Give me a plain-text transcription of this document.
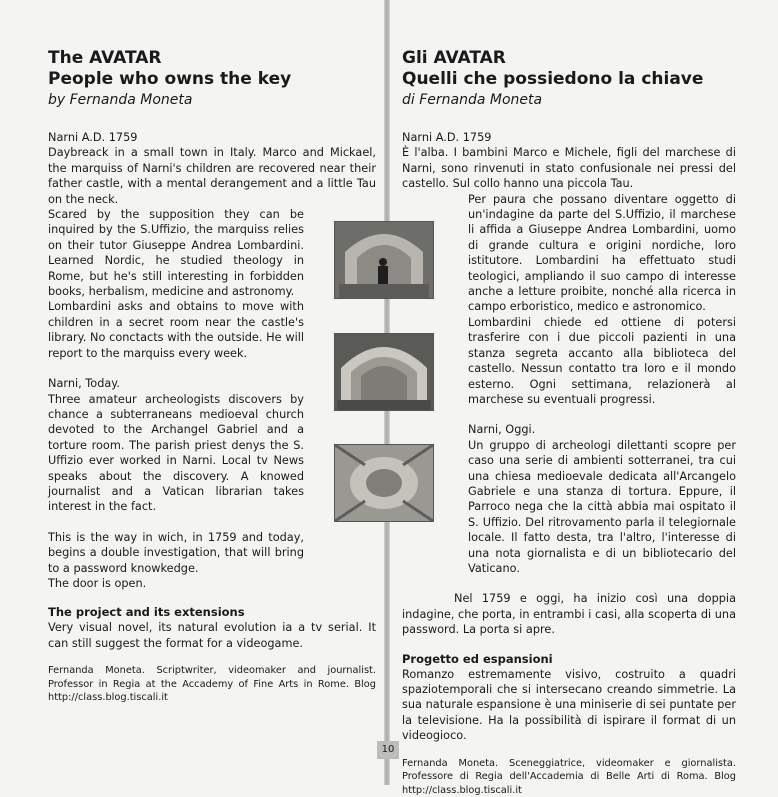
The AVATAR
People who owns the key
by Fernanda Moneta

Narni A.D. 1759

Daybreack in a small town in Italy. Marco and Mickael, the marquiss of Narni's children are recovered near their father castle, with a mental derangement and a little Tau on the neck.

Scared by the supposition they can be inquired by the S.Uffizio, the marquiss relies on their tutor Giuseppe Andrea Lombardini. Learned Nordic, he studied theology in Rome, but he's still interesting in forbidden books, herbalism, medicine and astronomy.

Lombardini asks and obtains to move with children in a secret room near the castle's library. No conctacts with the outside. He will report to the marquiss every week.

Narni, Today.

Three amateur archeologists discovers by chance a subterraneans medioeval church devoted to the Archangel Gabriel and a torture room. The parish priest denys the S. Uffizio ever worked in Narni. Local tv News speaks about the discovery. A knowed journalist and a Vatican librarian takes interest in the fact.

This is the way in wich, in 1759 and today, begins a double investigation, that will bring to a password knowkedge.

The door is open.

The project and its extensions

Very visual novel, its natural evolution ia a tv serial. It can still suggest the format for a videogame.

Fernanda Moneta. Scriptwriter, videomaker and journalist. Professor in Regia at the Accademy of Fine Arts in Rome. Blog http://class.blog.tiscali.it

Gli AVATAR
Quelli che possiedono la chiave
di Fernanda Moneta

Narni A.D. 1759

È l'alba. I bambini Marco e Michele, figli del marchese di Narni, sono rinvenuti in stato confusionale nei pressi del castello. Sul collo hanno una piccola Tau.

Per paura che possano diventare oggetto di un'indagine da parte del S.Uffizio, il marchese li affida a Giuseppe Andrea Lombardini, uomo di grande cultura e origini nordiche, loro istitutore. Lombardini ha effettuato studi teologici, ampliando il suo campo di interesse anche a letture proibite, nonché alla ricerca in campo erboristico, medico e astronomico.

Lombardini chiede ed ottiene di potersi trasferire con i due piccoli pazienti in una stanza segreta accanto alla biblioteca del castello. Nessun contatto tra loro e il mondo esterno. Ogni settimana, relazionerà al marchese su eventuali progressi.

Narni, Oggi.

Un gruppo di archeologi dilettanti scopre per caso una serie di ambienti sotterranei, tra cui una chiesa medioevale dedicata all'Arcangelo Gabriele e una stanza di tortura. Eppure, il Parroco nega che la città abbia mai ospitato il S. Uffizio. Del ritrovamento parla il telegiornale locale. Il fatto desta, tra l'altro, l'interesse di una nota giornalista e di un bibliotecario del Vaticano.

Nel 1759 e oggi, ha inizio così una doppia indagine, che porta, in entrambi i casi, alla scoperta di una password. La porta si apre.

Progetto ed espansioni

Romanzo estremamente visivo, costruito a quadri spaziotemporali che si intersecano creando simmetrie. La sua naturale espansione è una miniserie di sei puntate per la televisione. Ha la possibilità di ispirare il format di un videogioco.

Fernanda Moneta. Sceneggiatrice, videomaker e giornalista. Professore di Regia dell'Accademia di Belle Arti di Roma. Blog http://class.blog.tiscali.it

10
